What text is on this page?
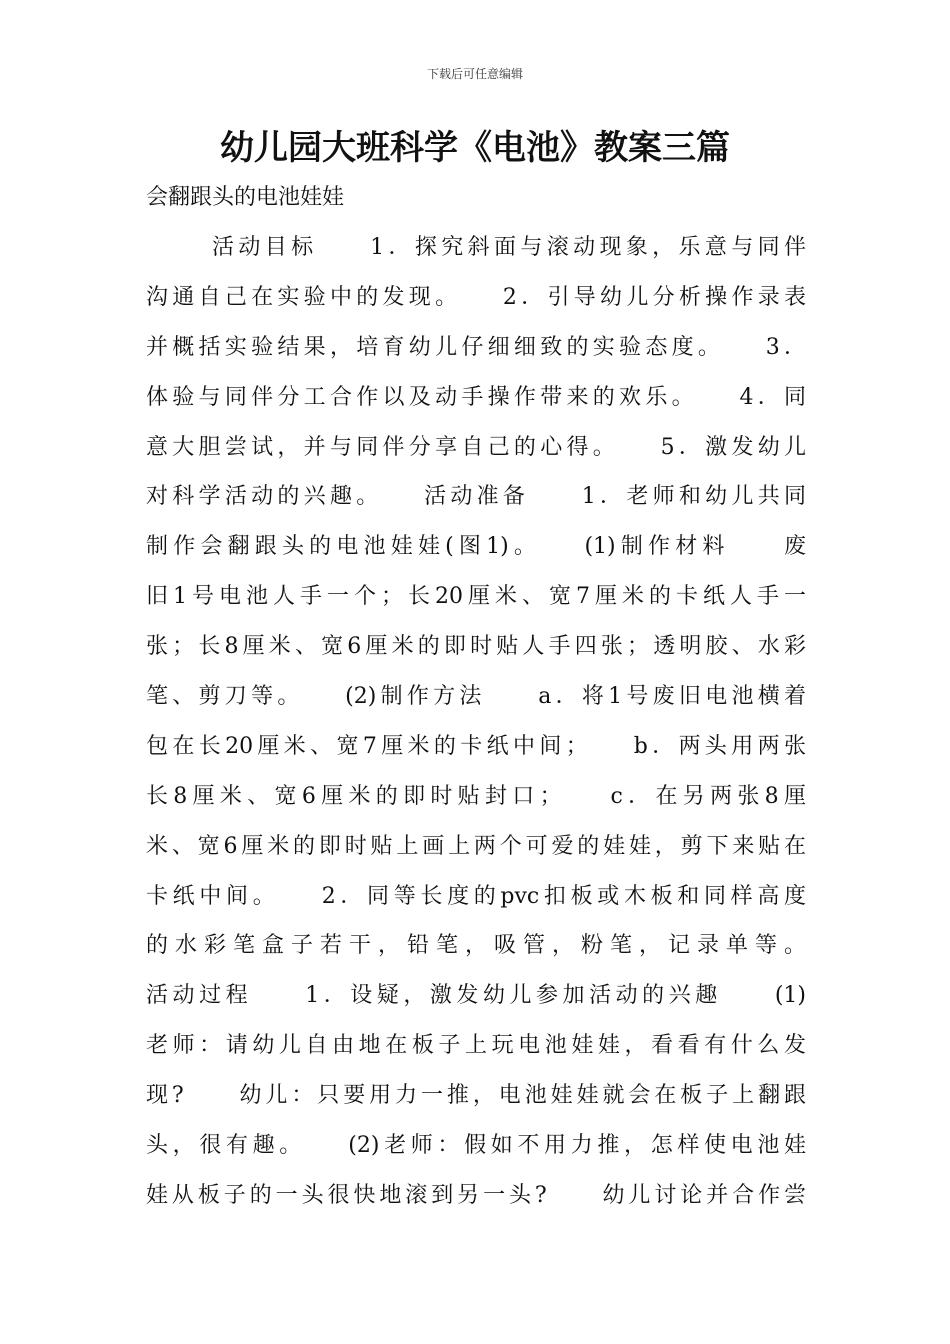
下载后可任意编辑
幼儿园大班科学《电池》教案三篇

会翻跟头的电池娃娃

活动目标　　1．探究斜面与滚动现象，乐意与同伴
沟通自己在实验中的发现。　　2．引导幼儿分析操作录表
并概括实验结果，培育幼儿仔细细致的实验态度。　　3．
体验与同伴分工合作以及动手操作带来的欢乐。　　4．同
意大胆尝试，并与同伴分享自己的心得。　　5．激发幼儿
对科学活动的兴趣。　　活动准备　　1．老师和幼儿共同
制作会翻跟头的电池娃娃(图1)。　　(1)制作材料　　废
旧1号电池人手一个；长20厘米、宽7厘米的卡纸人手一
张；长8厘米、宽6厘米的即时贴人手四张；透明胶、水彩
笔、剪刀等。　　(2)制作方法　　a．将1号废旧电池横着
包在长20厘米、宽7厘米的卡纸中间；　　b．两头用两张
长8厘米、宽6厘米的即时贴封口；　　c．在另两张8厘
米、宽6厘米的即时贴上画上两个可爱的娃娃，剪下来贴在
卡纸中间。　　2．同等长度的pvc扣板或木板和同样高度
的水彩笔盒子若干，铅笔，吸管，粉笔，记录单等。
活动过程　　1．设疑，激发幼儿参加活动的兴趣　　(1)
老师：请幼儿自由地在板子上玩电池娃娃，看看有什么发
现?　　幼儿：只要用力一推，电池娃娃就会在板子上翻跟
头，很有趣。　　(2)老师：假如不用力推，怎样使电池娃
娃从板子的一头很快地滚到另一头?　　幼儿讨论并合作尝
